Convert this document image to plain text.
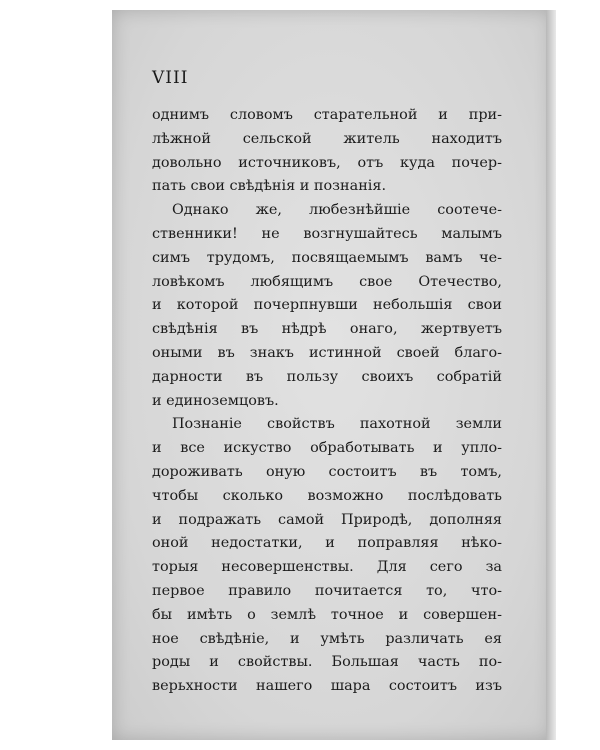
VIII
однимъ словомъ старательной и при-
лѣжной сельской житель находитъ
довольно источниковъ, отъ куда почер-
пать свои свѣдѣнія и познанія.
Однако же, любезнѣйшіе соотече-
ственники! не возгнушайтесь малымъ
симъ трудомъ, посвящаемымъ вамъ че-
ловѣкомъ любящимъ свое Отечество,
и которой почерпнувши небольшія свои
свѣдѣнія въ нѣдрѣ онаго, жертвуетъ
оными въ знакъ истинной своей благо-
дарности въ пользу своихъ собратій
и единоземцовъ.
Познаніе свойствъ пахотной земли
и все искуство обработывать и упло-
дороживать оную состоитъ въ томъ,
чтобы сколько возможно послѣдовать
и подражать самой Природѣ, дополняя
оной недостатки, и поправляя нѣко-
торыя несовершенствы. Для сего за
первое правило почитается то, что-
бы имѣть о землѣ точное и совершен-
ное свѣдѣніе, и умѣть различать ея
роды и свойствы. Большая часть по-
верьхности нашего шара состоитъ изъ
